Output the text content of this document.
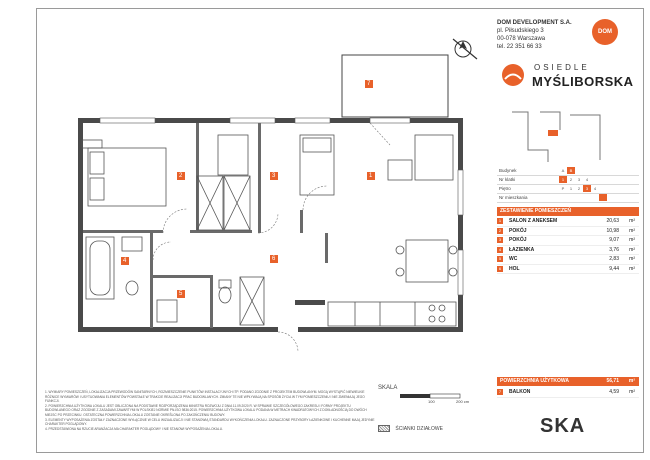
1
2	3
4
5
6
7
DOM DEVELOPMENT S.A.
pl. Piłsudskiego 3
00-078 Warszawa
tel. 22 351 66 33
DOM
OSIEDLE
MYŚLIBORSKA
Budynek	A	B
Nr klatki	1	2	3	4
Piętro	P	1	2	3	4
Nr mieszkania
ZESTAWIENIE POMIESZCZEŃ
1	SALON Z ANEKSEM	20,63 m²
2	POKÓJ	10,98 m²
3	POKÓJ	9,07 m²
4	ŁAZIENKA	3,76 m²
5	WC	2,83 m²
6	HOL	9,44 m²
POWIERZCHNIA UŻYTKOWA	56,71 m²
7	BALKON	4,59 m²

1. WYMIARY POMIESZCZEŃ, LOKALIZACJA PRZEWODÓW SANITARNYCH, ROZMIESZCZENIE PUNKTÓW INSTALACYJNYCH ITP. PODANO ZGODNIE Z PROJEKTEM BUDOWLANYM. MOGĄ WYSTĄPIĆ NIEWIELKIE RÓŻNICE WYMIARÓW I USYTUOWANIA ELEMENTÓW POWSTAŁE W TRAKCIE REALIZACJI PRAC BUDOWLANYCH. ZMIANY TE NIE WPŁYWAJĄ NA SPOSÓB ŻYCIA W TYM POMIESZCZENIU I NIE ZMIENIAJĄ JEGO FUNKCJI.

2. POWIERZCHNIA UŻYTKOWA LOKALU JEST OBLICZONA NA PODSTAWIE ROZPORZĄDZENIA MINISTRA ROZWOJU Z DNIA 11.09.2020 R. W SPRAWIE SZCZEGÓŁOWEGO ZAKRESU I FORMY PROJEKTU BUDOWLANEGO ORAZ ZGODNIE Z ZASADAMI ZAWARTYMI W POLSKIEJ NORMIE PN-ISO 9836:2015. POWIERZCHNIA UŻYTKOWA LOKALU PODANA W METRACH KWADRATOWYCH Z DOKŁADNOŚCIĄ DO DWÓCH MIEJSC PO PRZECINKU. OSTATECZNA POWIERZCHNIA LOKALU ZOSTANIE OKREŚLONA PO ZAKOŃCZENIU BUDOWY.

3. ELEMENTY WYPOSAŻENIA ZOSTAŁY ZAZNACZONE WYŁĄCZNIE W CELU WIZUALIZACJI I NIE STANOWIĄ STANDARDU WYKOŃCZENIA LOKALU. ZAZNACZONE PRZYBORY ŁAZIENKOWE I KUCHENNE MAJĄ JEDYNIE CHARAKTER POGLĄDOWY.

4. PRZEDSTAWIONA NA RZUCIE ARANŻACJA MA CHARAKTER POGLĄDOWY I NIE STANOWI WYPOSAŻENIA LOKALU.

SKALA
100	200 cm
ŚCIANKI DZIAŁOWE	SKA
